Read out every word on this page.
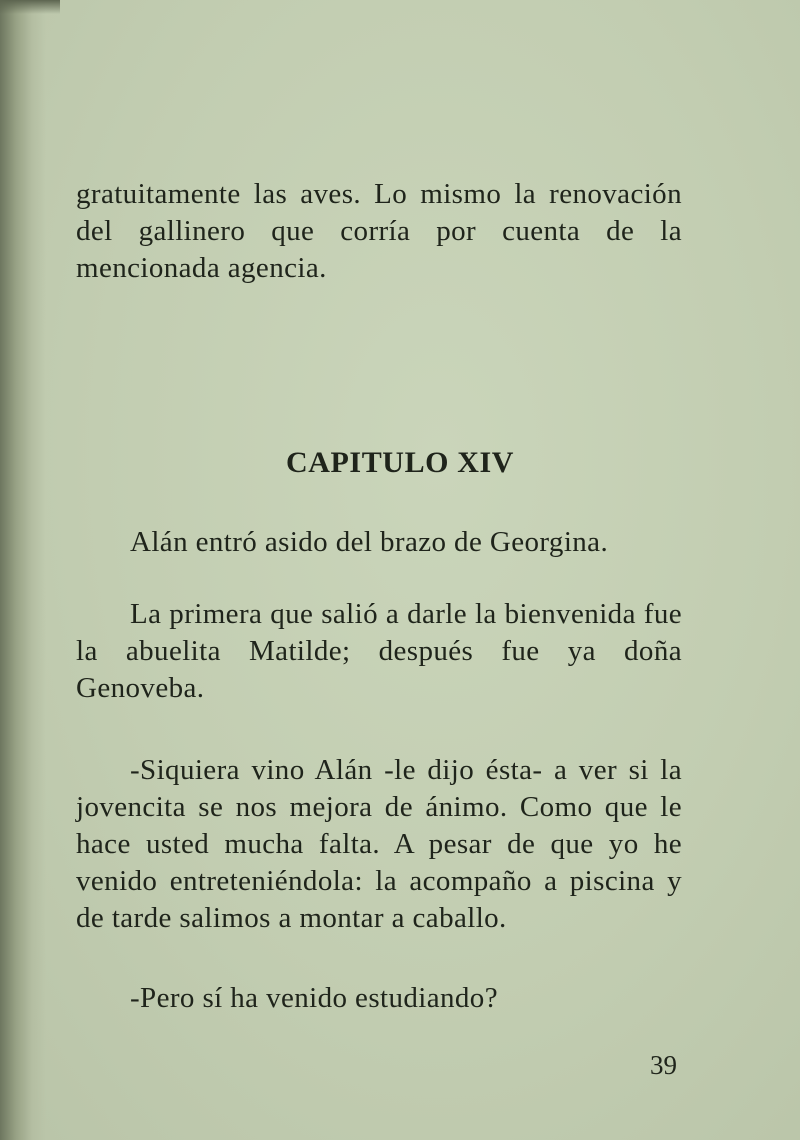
gratuitamente las aves. Lo mismo la renovación del gallinero que corría por cuenta de la mencionada agencia.

CAPITULO XIV

Alán entró asido del brazo de Georgina.

La primera que salió a darle la bienvenida fue la abuelita Matilde; después fue ya doña Genoveba.

-Siquiera vino Alán -le dijo ésta- a ver si la jovencita se nos mejora de ánimo. Como que le hace usted mucha falta. A pesar de que yo he venido entreteniéndola: la acompaño a piscina y de tarde salimos a montar a caballo.

-Pero sí ha venido estudiando?

39
